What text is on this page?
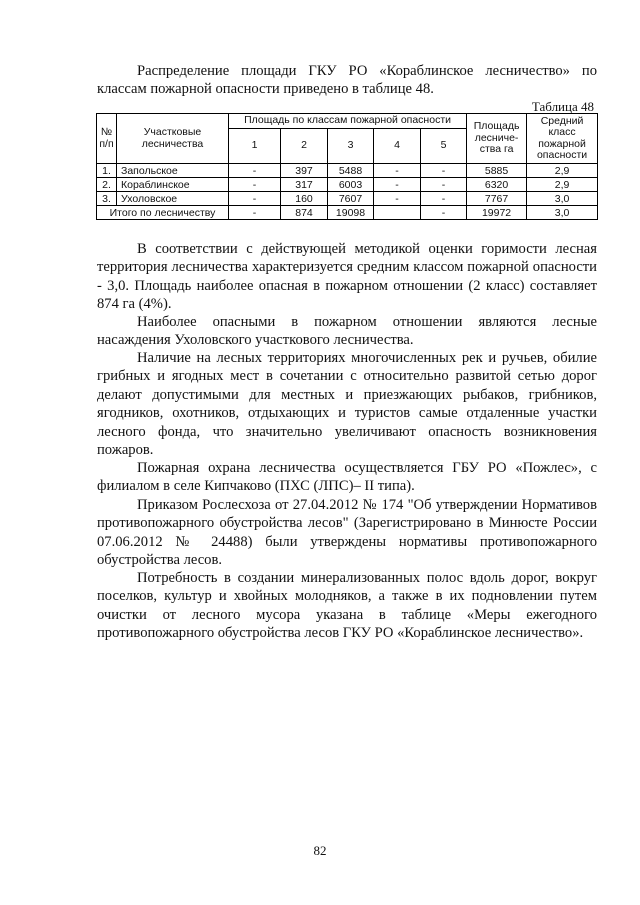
Распределение площади ГКУ РО «Кораблинское лесничество» по классам пожарной опасности приведено в таблице 48.

Таблица 48
№ п/п	Участковые лесничества	Площадь по классам пожарной опасности					Площадь лесниче-ства га	Средний класс пожарной опасности
		1	2	3	4	5		
1.	Запольское	-	397	5488	-	-	5885	2,9
2.	Кораблинское	-	317	6003	-	-	6320	2,9
3.	Ухоловское	-	160	7607	-	-	7767	3,0
Итого по лесничеству		-	874	19098		-	19972	3,0

В соответствии с действующей методикой оценки горимости лесная территория лесничества характеризуется средним классом пожарной опасности - 3,0. Площадь наиболее опасная в пожарном отношении (2 класс) составляет 874 га (4%).

Наиболее опасными в пожарном отношении являются лесные насаждения Ухоловского участкового лесничества.

Наличие на лесных территориях многочисленных рек и ручьев, обилие грибных и ягодных мест в сочетании с относительно развитой сетью дорог делают допустимыми для местных и приезжающих рыбаков, грибников, ягодников, охотников, отдыхающих и туристов самые отдаленные участки лесного фонда, что значительно увеличивают опасность возникновения пожаров.

Пожарная охрана лесничества осуществляется ГБУ РО «Пожлес», с филиалом в селе Кипчаково (ПХС (ЛПС)– II типа).

Приказом Рослесхоза от 27.04.2012 № 174 "Об утверждении Нормативов противопожарного обустройства лесов" (Зарегистрировано в Минюсте России 07.06.2012 № 24488) были утверждены нормативы противопожарного обустройства лесов.

Потребность в создании минерализованных полос вдоль дорог, вокруг поселков, культур и хвойных молодняков, а также в их подновлении путем очистки от лесного мусора указана в таблице «Меры ежегодного противопожарного обустройства лесов ГКУ РО «Кораблинское лесничество».

82
